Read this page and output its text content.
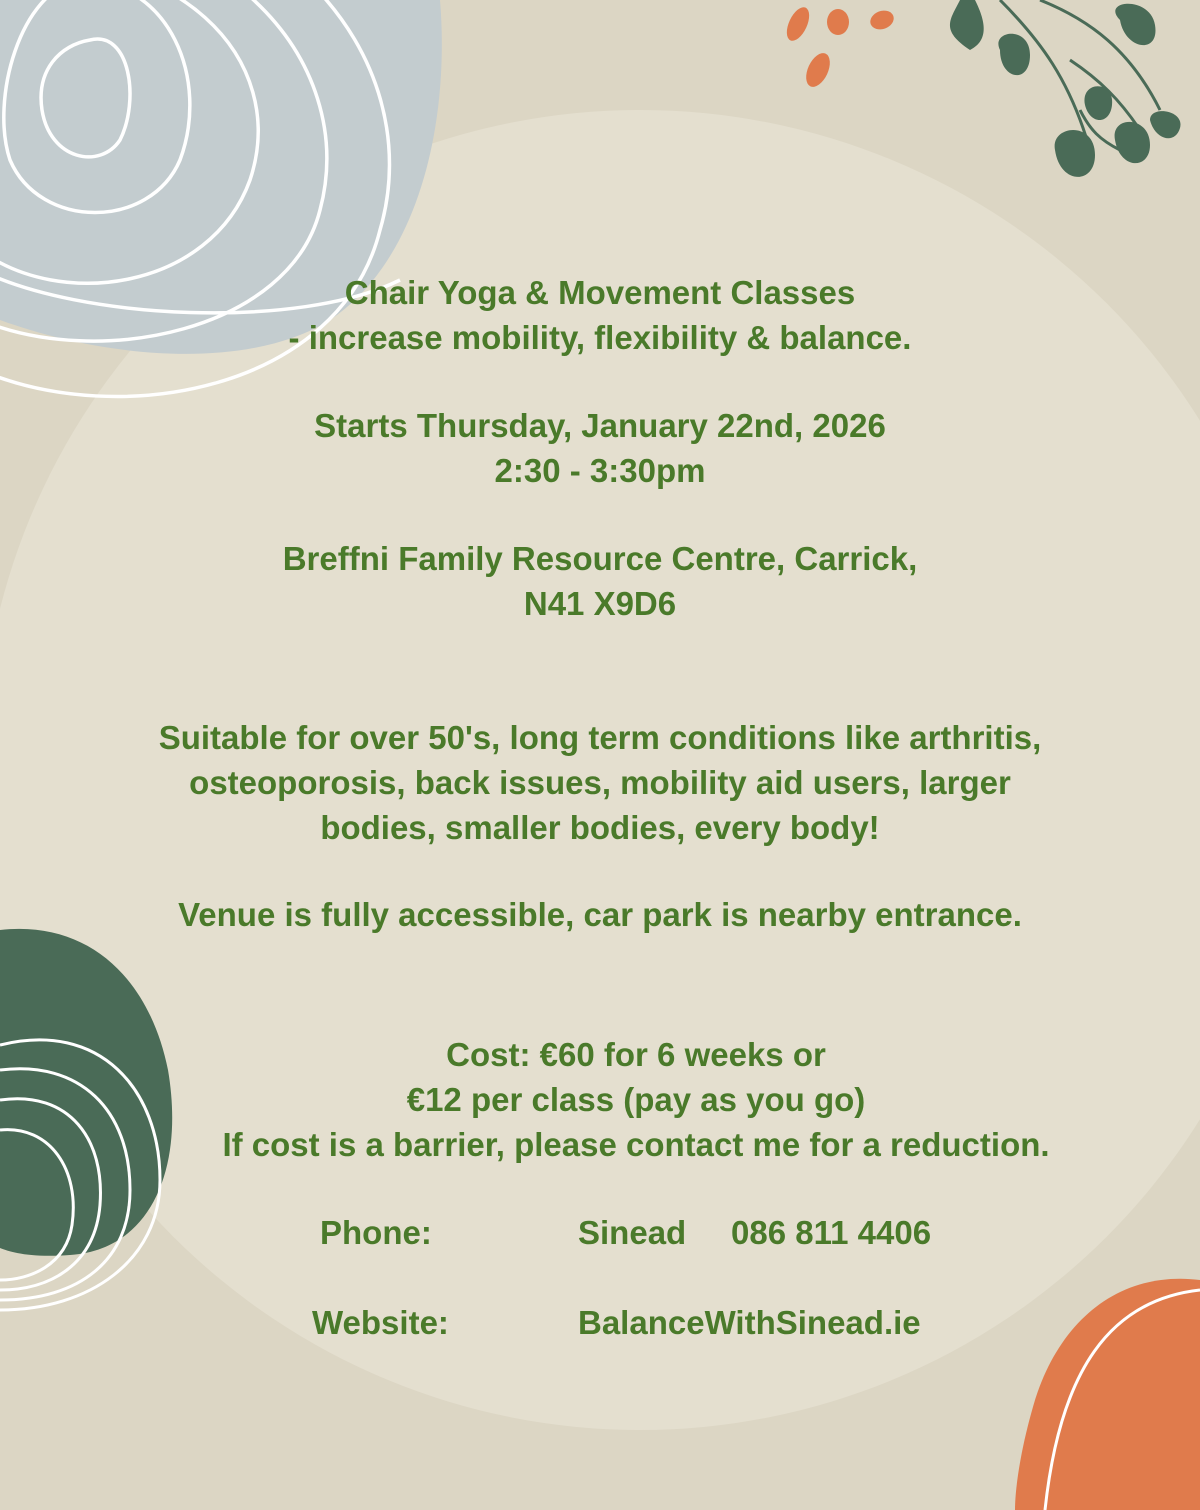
Chair Yoga & Movement Classes
- increase mobility, flexibility & balance.
Starts Thursday, January 22nd, 2026
2:30 - 3:30pm
Breffni Family Resource Centre, Carrick,
N41 X9D6
Suitable for over 50's, long term conditions like arthritis,
osteoporosis, back issues, mobility aid users, larger
bodies, smaller bodies, every body!
Venue is fully accessible, car park is nearby entrance.
Cost: €60 for 6 weeks or
€12 per class (pay as you go)
If cost is a barrier, please contact me for a reduction.
Phone:	Sinead 086 811 4406
Website:	BalanceWithSinead.ie
